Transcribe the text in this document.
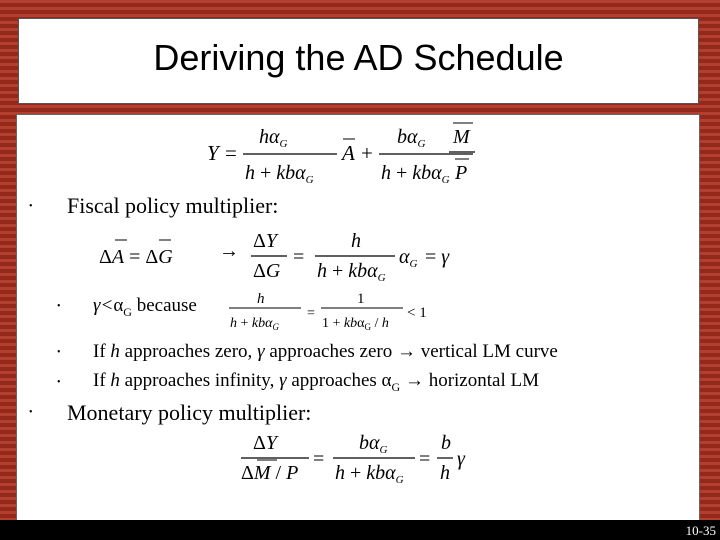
Deriving the AD Schedule
Y =
$h\alpha_G$
h + kbα$_G$
A +
$b\alpha_G$
h + kbα$_G$
M
P
• Fiscal policy multiplier:
ΔA = ΔG → ΔY
ΔG
=
h
h + kbα$_G$
$\alpha_G = \gamma$
• $\gamma<\alpha_G$ because	h
h + kbα$_G$
=
1
1 + kbα$_G$ / h
< 1
• If h approaches zero, γ approaches zero → vertical LM curve
• If h approaches infinity, γ approaches $\alpha_G$ → horizontal LM
• Monetary policy multiplier:
ΔY
ΔM / P
=
$b\alpha_G$
h + kbα$_G$
=
b
h
γ
10-35
